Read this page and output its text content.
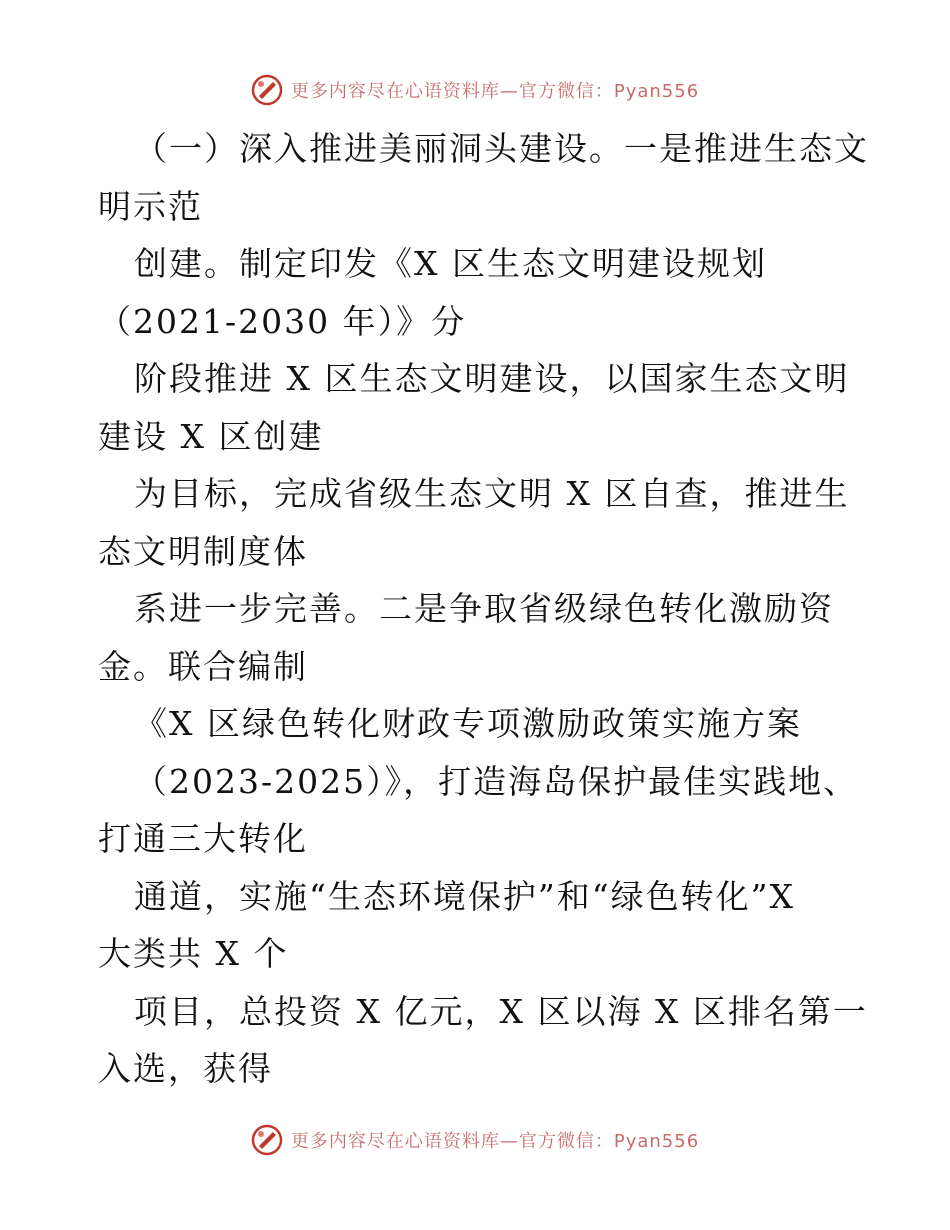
更多内容尽在心语资料库—官方微信：Pyan556
（一）深入推进美丽洞头建设。一是推进生态文
明示范
创建。制定印发《X 区生态文明建设规划
（2021-2030 年）》分
阶段推进 X 区生态文明建设，以国家生态文明
建设 X 区创建
为目标，完成省级生态文明 X 区自查，推进生
态文明制度体
系进一步完善。二是争取省级绿色转化激励资
金。联合编制
《X 区绿色转化财政专项激励政策实施方案
（2023-2025）》，打造海岛保护最佳实践地、
打通三大转化
通道，实施“生态环境保护”和“绿色转化”X
大类共 X 个
项目，总投资 X 亿元，X 区以海 X 区排名第一
入选，获得
更多内容尽在心语资料库—官方微信：Pyan556
